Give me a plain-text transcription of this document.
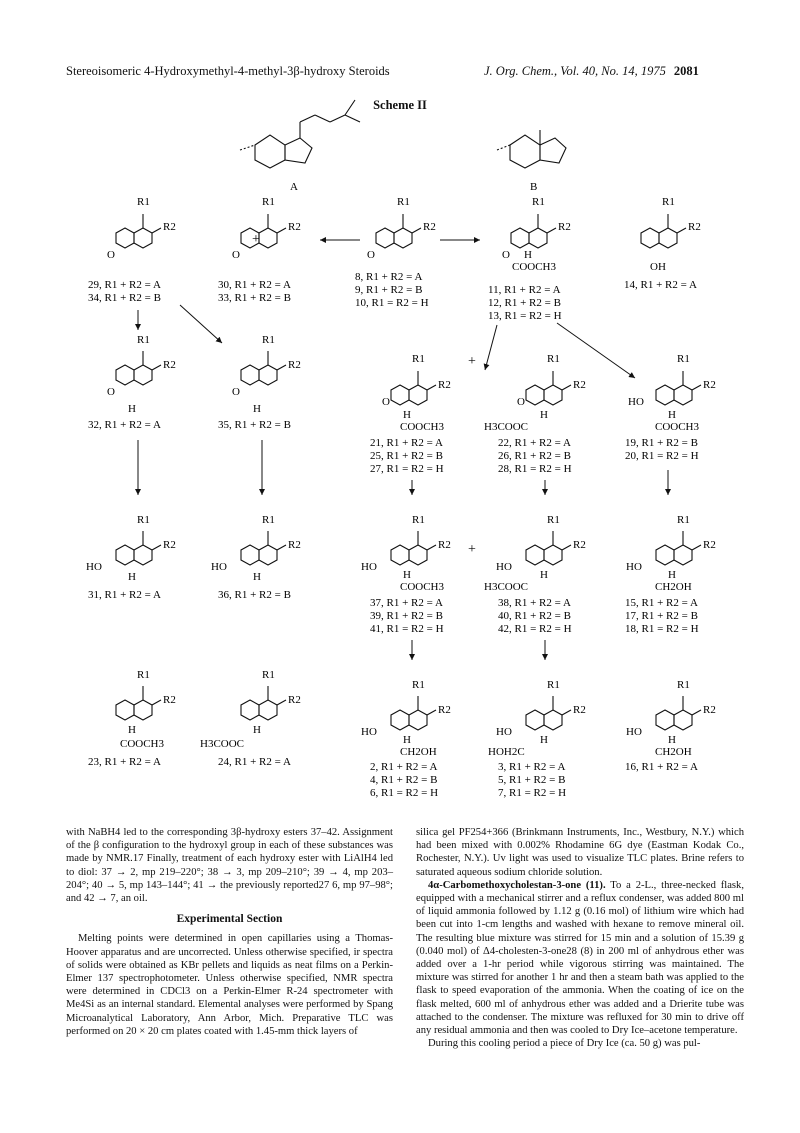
Stereoisomeric 4-Hydroxymethyl-4-methyl-3β-hydroxy Steroids	J. Org. Chem., Vol. 40, No. 14, 1975 2081
Scheme II
A	B
R1	R1	R1	R1	R1
R2	R2	R2	R2	R2
O	O	O	O H
COOCH3	OH
+
29, R1 + R2 = A
34, R1 + R2 = B
30, R1 + R2 = A
33, R1 + R2 = B
8, R1 + R2 = A
9, R1 + R2 = B
10, R1 = R2 = H
11, R1 + R2 = A
12, R1 + R2 = B
13, R1 = R2 = H
14, R1 + R2 = A
R1	R1
R1	R1	R1
R2	R2
R2	R2	R2
O	O
O	O	HO
H	H	H	H	H
COOCH3	H3COOC	COOCH3
+
32, R1 + R2 = A	35, R1 + R2 = B
21, R1 + R2 = A
25, R1 + R2 = B
27, R1 = R2 = H
22, R1 + R2 = A
26, R1 + R2 = B
28, R1 = R2 = H
19, R1 + R2 = B
20, R1 = R2 = H
R1	R1	R1	R1	R1
R2	R2	R2	R2	R2
HO	HO	HO	HO	HO
H	H	H	H	H
COOCH3	H3COOC	CH2OH
+
31, R1 + R2 = A	36, R1 + R2 = B
37, R1 + R2 = A
39, R1 + R2 = B
41, R1 = R2 = H
38, R1 + R2 = A
40, R1 + R2 = B
42, R1 = R2 = H
15, R1 + R2 = A
17, R1 + R2 = B
18, R1 = R2 = H
R1	R1
R1	R1	R1
R2	R2
R2	R2	R2
HO	HO	HO
H	H
H	H	H
COOCH3	H3COOC
CH2OH	HOH2C	CH2OH
23, R1 + R2 = A	24, R1 + R2 = A	2, R1 + R2 = A
4, R1 + R2 = B
6, R1 = R2 = H
3, R1 + R2 = A
5, R1 + R2 = B
7, R1 = R2 = H
16, R1 + R2 = A

with NaBH4 led to the corresponding 3β-hydroxy esters 37–42. Assignment of the β configuration to the hydroxyl group in each of these substances was made by NMR.17 Finally, treatment of each hydroxy ester with LiAlH4 led to diol: 37 → 2, mp 219–220°; 38 → 3, mp 209–210°; 39 → 4, mp 203–204°; 40 → 5, mp 143–144°; 41 → the previously reported27 6, mp 97–98°; and 42 → 7, an oil.

Experimental Section

Melting points were determined in open capillaries using a Thomas-Hoover apparatus and are uncorrected. Unless otherwise specified, ir spectra of solids were obtained as KBr pellets and liquids as neat films on a Perkin-Elmer 137 spectrophotometer. Unless otherwise specified, NMR spectra were determined in CDCl3 on a Perkin-Elmer R-24 spectrometer with Me4Si as an internal standard. Elemental analyses were performed by Spang Microanalytical Laboratory, Ann Arbor, Mich. Preparative TLC was performed on 20 × 20 cm plates coated with 1.45-mm thick layers of

silica gel PF254+366 (Brinkmann Instruments, Inc., Westbury, N.Y.) which had been mixed with 0.002% Rhodamine 6G dye (Eastman Kodak Co., Rochester, N.Y.). Uv light was used to visualize TLC plates. Brine refers to saturated aqueous sodium chloride solution.

4α-Carbomethoxycholestan-3-one (11). To a 2-L., three-necked flask, equipped with a mechanical stirrer and a reflux condenser, was added 800 ml of liquid ammonia followed by 1.12 g (0.16 mol) of lithium wire which had been cut into 1-cm lengths and washed with hexane to remove mineral oil. The resulting blue mixture was stirred for 15 min and a solution of 15.39 g (0.040 mol) of Δ4-cholesten-3-one28 (8) in 200 ml of anhydrous ether was added over a 1-hr period while vigorous stirring was maintained. The mixture was stirred for another 1 hr and then a steam bath was applied to the flask to speed evaporation of the ammonia. When the coating of ice on the flask melted, 600 ml of anhydrous ether was added and a Drierite tube was attached to the condenser. The mixture was refluxed for 30 min to drive off any residual ammonia and then was cooled to Dry Ice–acetone temperature.

During this cooling period a piece of Dry Ice (ca. 50 g) was pul-
